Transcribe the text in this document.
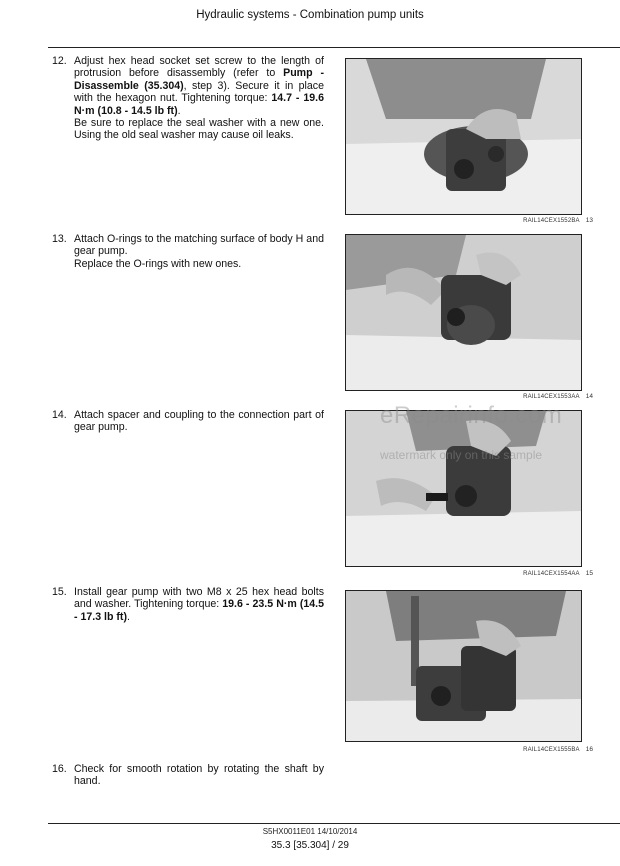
Hydraulic systems - Combination pump units
12. Adjust hex head socket set screw to the length of protrusion before disassembly (refer to Pump - Disassemble (35.304), step 3). Secure it in place with the hexagon nut. Tightening torque: 14.7 - 19.6 N·m (10.8 - 14.5 lb ft).

Be sure to replace the seal washer with a new one. Using the old seal washer may cause oil leaks.

RAIL14CEX1552BA 13
13. Attach O-rings to the matching surface of body H and gear pump.

Replace the O-rings with new ones.

RAIL14CEX1553AA 14
14. Attach spacer and coupling to the connection part of gear pump.	eRepairinfo.com
watermark only on this sample
RAIL14CEX1554AA 15
15. Install gear pump with two M8 x 25 hex head bolts and washer. Tightening torque: 19.6 - 23.5 N·m (14.5 - 17.3 lb ft).

RAIL14CEX1555BA 16
16. Check for smooth rotation by rotating the shaft by hand.

S5HX0011E01 14/10/2014
35.3 [35.304] / 29
